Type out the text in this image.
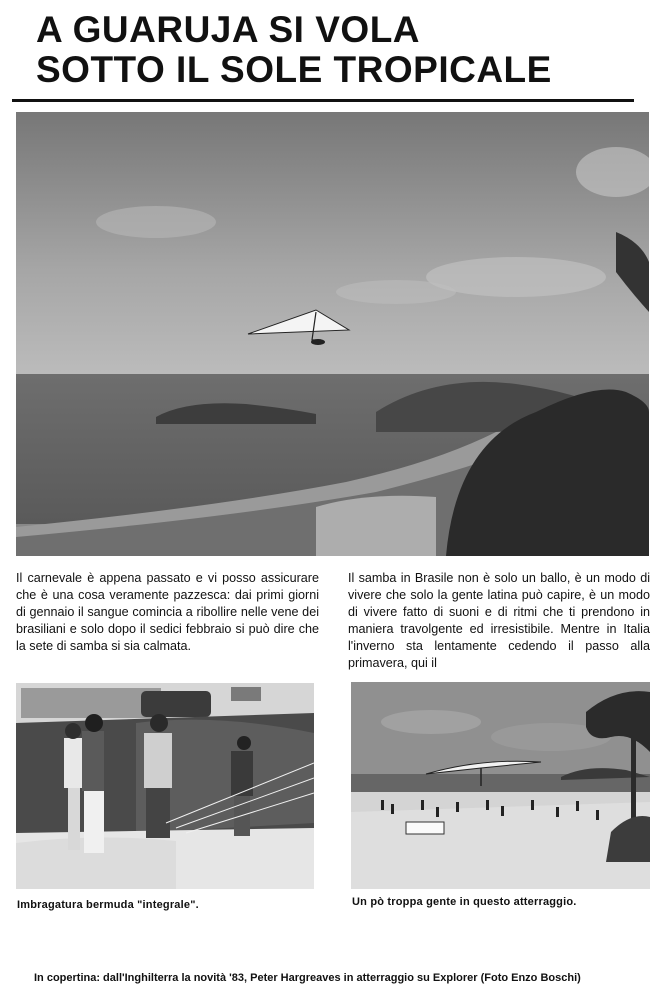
A GUARUJA SI VOLA
SOTTO IL SOLE TROPICALE
Il carnevale è appena passato e vi posso assicurare che è una cosa veramente pazzesca: dai primi giorni di gennaio il sangue comincia a ribollire nelle vene dei brasiliani e solo dopo il sedici febbraio si può dire che la sete di samba si sia calmata.
Il samba in Brasile non è solo un ballo, è un modo di vivere che solo la gente latina può capire, è un modo di vivere fatto di suoni e di ritmi che ti prendono in maniera travolgente ed irresistibile. Mentre in Italia l'inverno sta lentamente cedendo il passo alla primavera, qui il
Imbragatura bermuda "integrale".	Un pò troppa gente in questo atterraggio.
In copertina: dall'Inghilterra la novità '83, Peter Hargreaves in atterraggio su Explorer (Foto Enzo Boschi)
